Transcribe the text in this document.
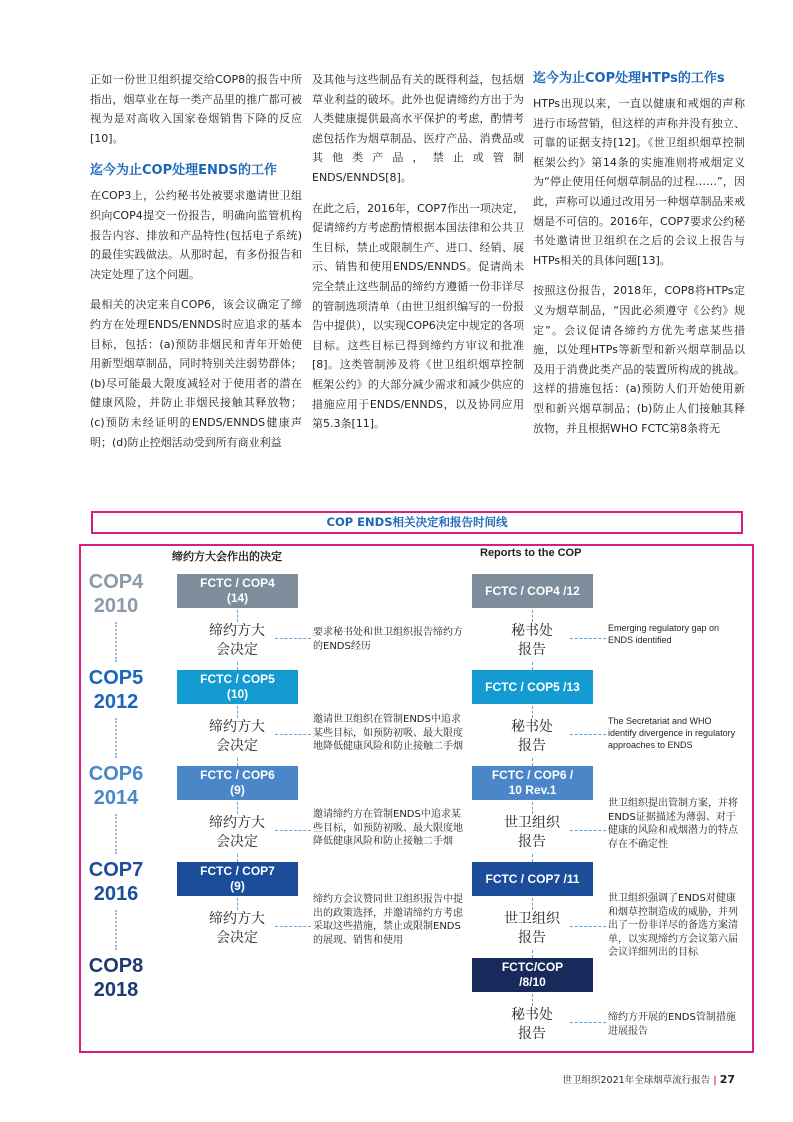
正如一份世卫组织提交给COP8的报告中所指出，烟草业在每一类产品里的推广都可被视为是对高收入国家卷烟销售下降的反应[10]。

迄今为止COP处理ENDS的工作

在COP3上，公约秘书处被要求邀请世卫组织向COP4提交一份报告，明确向监管机构报告内容、排放和产品特性(包括电子系统)的最佳实践做法。从那时起，有多份报告和决定处理了这个问题。

最相关的决定来自COP6，该会议确定了缔约方在处理ENDS/ENNDS时应追求的基本目标，包括：(a)预防非烟民和青年开始使用新型烟草制品，同时特别关注弱势群体；(b)尽可能最大限度减轻对于使用者的潜在健康风险，并防止非烟民接触其释放物；(c)预防未经证明的ENDS/ENNDS健康声明；(d)防止控烟活动受到所有商业利益

及其他与这些制品有关的既得利益，包括烟草业利益的破坏。此外也促请缔约方出于为人类健康提供最高水平保护的考虑，酌情考虑包括作为烟草制品、医疗产品、消费品或其他类产品，禁止或管制ENDS/ENNDS[8]。

在此之后，2016年，COP7作出一项决定，促请缔约方考虑酌情根据本国法律和公共卫生目标，禁止或限制生产、进口、经销、展示、销售和使用ENDS/ENNDS。促请尚未完全禁止这些制品的缔约方遵循一份非详尽的管制选项清单（由世卫组织编写的一份报告中提供），以实现COP6决定中规定的各项目标。这些目标已得到缔约方审议和批准[8]。这类管制涉及将《世卫组织烟草控制框架公约》的大部分减少需求和减少供应的措施应用于ENDS/ENNDS，以及协同应用第5.3条[11]。

迄今为止COP处理HTPs的工作s

HTPs出现以来，一直以健康和戒烟的声称进行市场营销，但这样的声称并没有独立、可靠的证据支持[12]。《世卫组织烟草控制框架公约》第14条的实施准则将戒烟定义为“停止使用任何烟草制品的过程……”，因此，声称可以通过改用另一种烟草制品来戒烟是不可信的。2016年，COP7要求公约秘书处邀请世卫组织在之后的会议上报告与HTPs相关的具体问题[13]。

按照这份报告，2018年，COP8将HTPs定义为烟草制品，“因此必须遵守《公约》规定”。会议促请各缔约方优先考虑某些措施，以处理HTPs等新型和新兴烟草制品以及用于消费此类产品的装置所构成的挑战。这样的措施包括：(a)预防人们开始使用新型和新兴烟草制品；(b)防止人们接触其释放物，并且根据WHO FCTC第8条将无

COP ENDS相关决定和报告时间线
缔约方大会作出的决定	Reports to the COP
COP4
2010
COP5
2012
COP6
2014
COP7
2016
COP8
2018
FCTC / COP4
(14)
FCTC / COP5
(10)
FCTC / COP6
(9)
FCTC / COP7
(9)
FCTC / COP4 /12
FCTC / COP5 /13
FCTC / COP6 /
10 Rev.1
FCTC / COP7 /11
FCTC/COP
/8/10
缔约方大
会决定
缔约方大
会决定
缔约方大
会决定
缔约方大
会决定
秘书处
报告
秘书处
报告
世卫组织
报告
世卫组织
报告
秘书处
报告
要求秘书处和世卫组织报告缔约方的ENDS经历
邀请世卫组织在管制ENDS中追求某些目标，如预防初吸、最大限度地降低健康风险和防止接触二手烟
邀请缔约方在管制ENDS中追求某些目标，如预防初吸、最大限度地降低健康风险和防止接触二手烟
缔约方会议赞同世卫组织报告中提出的政策选择，并邀请缔约方考虑采取这些措施，禁止或限制ENDS的展现、销售和使用
Emerging regulatory gap on ENDS identified
The Secretariat and WHO identify divergence in regulatory approaches to ENDS
世卫组织提出管制方案，并将ENDS证据描述为薄弱、对于健康的风险和戒烟潜力的特点存在不确定性
世卫组织强调了ENDS对健康和烟草控制造成的威胁，并列出了一份非详尽的备选方案清单，以实现缔约方会议第六届会议详细列出的目标
缔约方开展的ENDS管制措施进展报告
世卫组织2021年全球烟草流行报告 | 27
